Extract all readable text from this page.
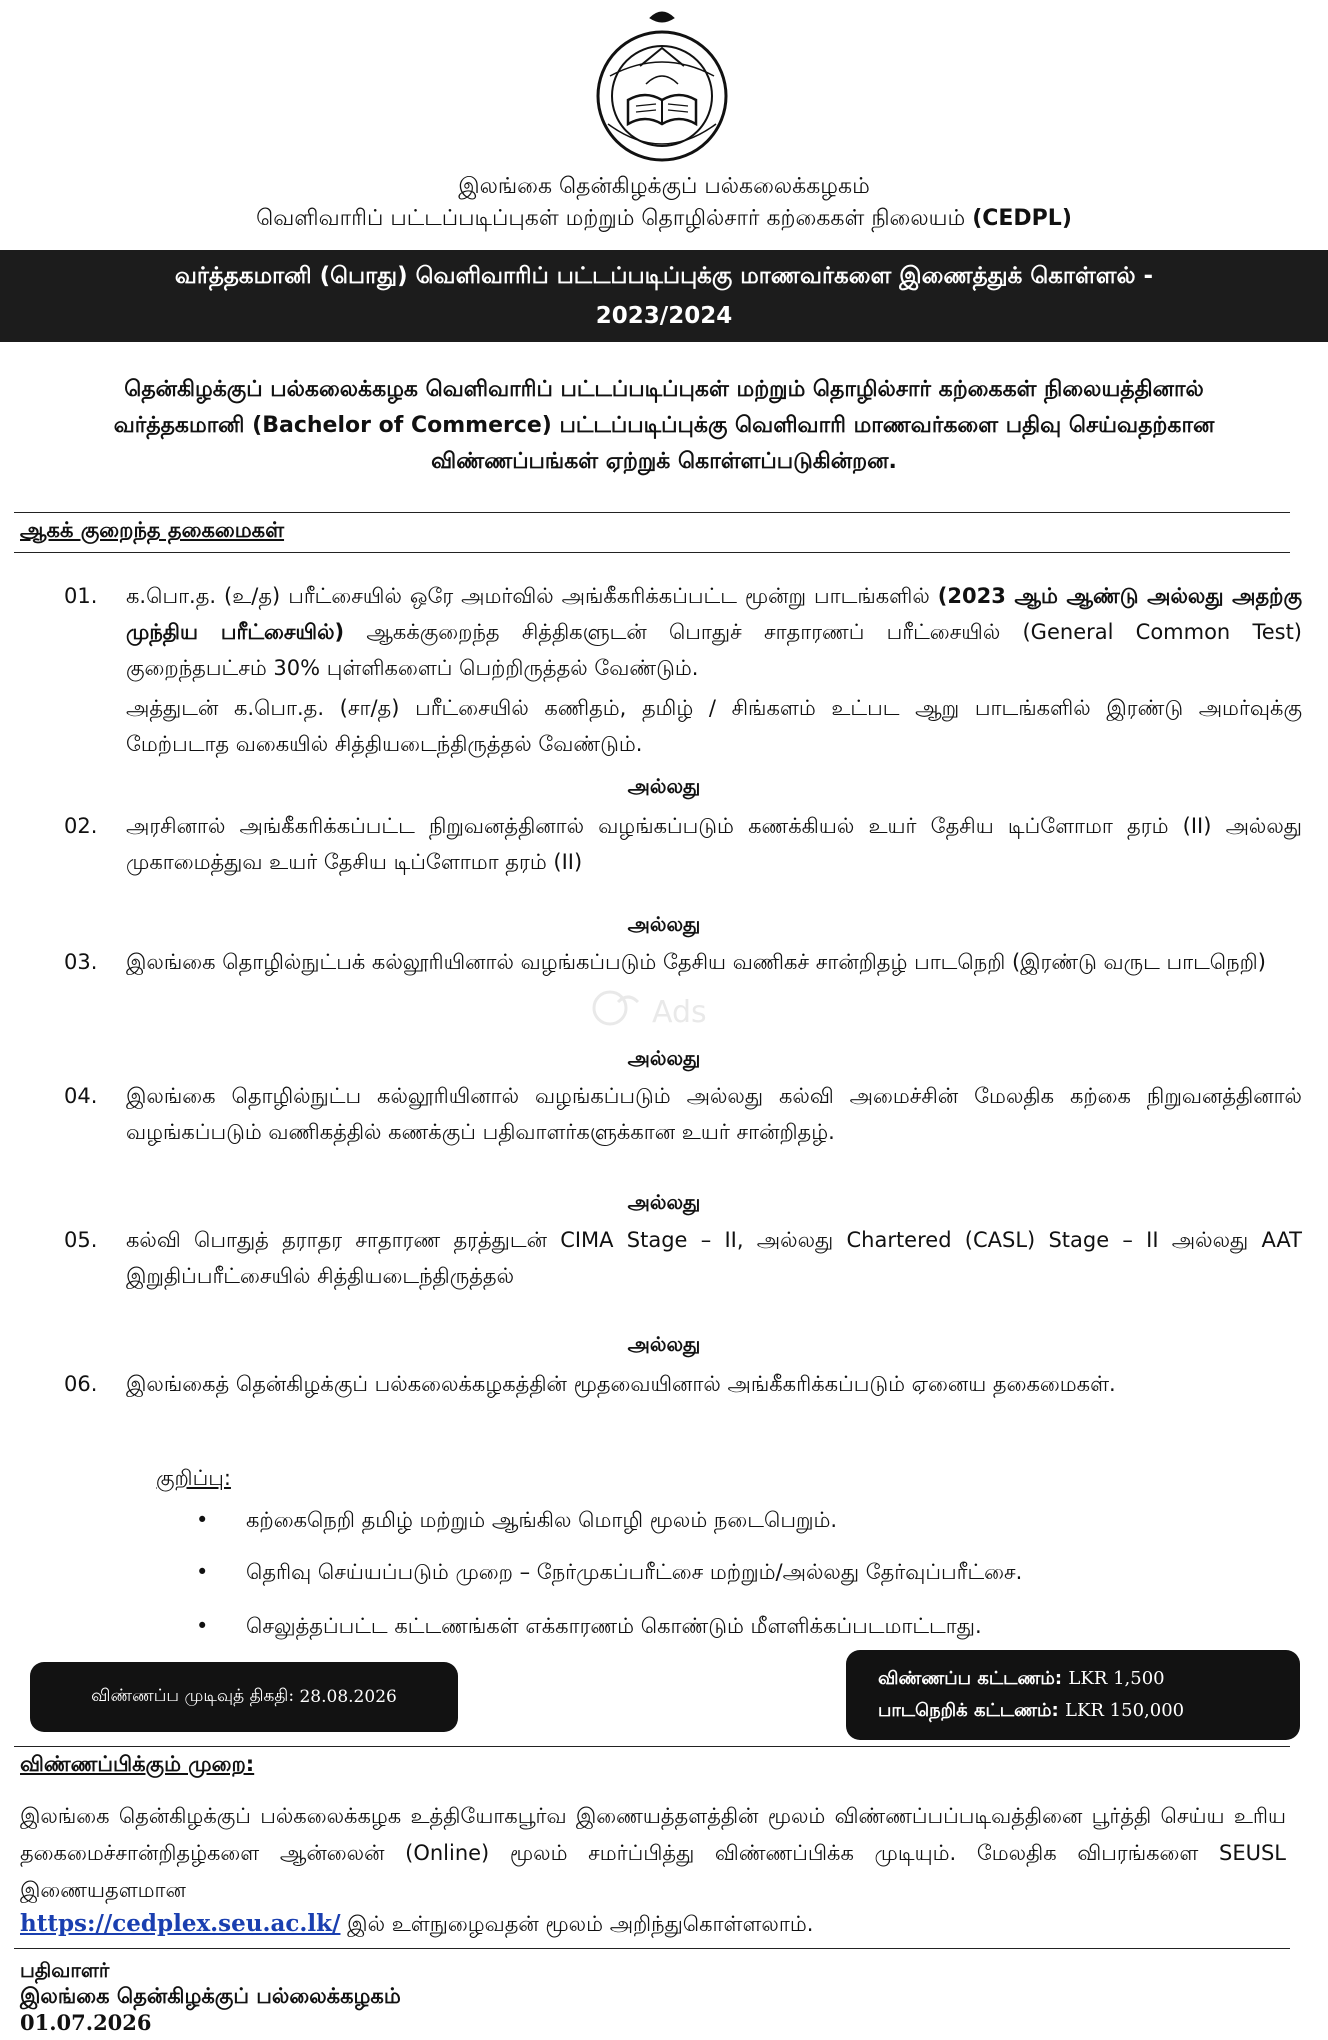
இலங்கை தென்கிழக்குப் பல்கலைக்கழகம்
வெளிவாரிப் பட்டப்படிப்புகள் மற்றும் தொழில்சார் கற்கைகள் நிலையம் (CEDPL)
வர்த்தகமானி (பொது) வெளிவாரிப் பட்டப்படிப்புக்கு மாணவர்களை இணைத்துக் கொள்ளல் -
2023/2024
தென்கிழக்குப் பல்கலைக்கழக வெளிவாரிப் பட்டப்படிப்புகள் மற்றும் தொழில்சார் கற்கைகள் நிலையத்தினால் வர்த்தகமானி (Bachelor of Commerce) பட்டப்படிப்புக்கு வெளிவாரி மாணவர்களை பதிவு செய்வதற்கான விண்ணப்பங்கள் ஏற்றுக் கொள்ளப்படுகின்றன.
ஆகக் குறைந்த தகைமைகள்
01.	க.பொ.த. (உ/த) பரீட்சையில் ஒரே அமர்வில் அங்கீகரிக்கப்பட்ட மூன்று பாடங்களில் (2023 ஆம் ஆண்டு அல்லது அதற்கு முந்திய பரீட்சையில்) ஆகக்குறைந்த சித்திகளுடன் பொதுச் சாதாரணப் பரீட்சையில் (General Common Test) குறைந்தபட்சம் 30% புள்ளிகளைப் பெற்றிருத்தல் வேண்டும்.
அத்துடன் க.பொ.த. (சா/த) பரீட்சையில் கணிதம், தமிழ் / சிங்களம் உட்பட ஆறு பாடங்களில் இரண்டு அமர்வுக்கு மேற்படாத வகையில் சித்தியடைந்திருத்தல் வேண்டும்.
அல்லது
02.	அரசினால் அங்கீகரிக்கப்பட்ட நிறுவனத்தினால் வழங்கப்படும் கணக்கியல் உயர் தேசிய டிப்ளோமா தரம் (II) அல்லது முகாமைத்துவ உயர் தேசிய டிப்ளோமா தரம் (II)
அல்லது
03.	இலங்கை தொழில்நுட்பக் கல்லூரியினால் வழங்கப்படும் தேசிய வணிகச் சான்றிதழ் பாடநெறி (இரண்டு வருட பாடநெறி)
அல்லது
04.	இலங்கை தொழில்நுட்ப கல்லூரியினால் வழங்கப்படும் அல்லது கல்வி அமைச்சின் மேலதிக கற்கை நிறுவனத்தினால் வழங்கப்படும் வணிகத்தில் கணக்குப் பதிவாளர்களுக்கான உயர் சான்றிதழ்.
அல்லது
05.	கல்வி பொதுத் தராதர சாதாரண தரத்துடன் CIMA Stage – II, அல்லது Chartered (CASL) Stage – II அல்லது AAT இறுதிப்பரீட்சையில் சித்தியடைந்திருத்தல்
அல்லது
06.	இலங்கைத் தென்கிழக்குப் பல்கலைக்கழகத்தின் மூதவையினால் அங்கீகரிக்கப்படும் ஏனைய தகைமைகள்.
குறிப்பு:
• கற்கைநெறி தமிழ் மற்றும் ஆங்கில மொழி மூலம் நடைபெறும்.
• தெரிவு செய்யப்படும் முறை – நேர்முகப்பரீட்சை மற்றும்/அல்லது தேர்வுப்பரீட்சை.
• செலுத்தப்பட்ட கட்டணங்கள் எக்காரணம் கொண்டும் மீளளிக்கப்படமாட்டாது.
விண்ணப்ப முடிவுத் திகதி:
28.08.2026
விண்ணப்ப கட்டணம்: LKR 1,500
பாடநெறிக் கட்டணம்: LKR 150,000
விண்ணப்பிக்கும் முறை:
இலங்கை தென்கிழக்குப் பல்கலைக்கழக உத்தியோகபூர்வ இணையத்தளத்தின் மூலம் விண்ணப்பப்படிவத்தினை பூர்த்தி செய்ய உரிய தகைமைச்சான்றிதழ்களை ஆன்லைன் (Online) மூலம் சமர்ப்பித்து விண்ணப்பிக்க முடியும். மேலதிக விபரங்களை SEUSL இணையதளமான
https://cedplex.seu.ac.lk/ இல் உள்நுழைவதன் மூலம் அறிந்துகொள்ளலாம்.
பதிவாளர்
இலங்கை தென்கிழக்குப் பல்லைக்கழகம்
01.07.2026
Ads
